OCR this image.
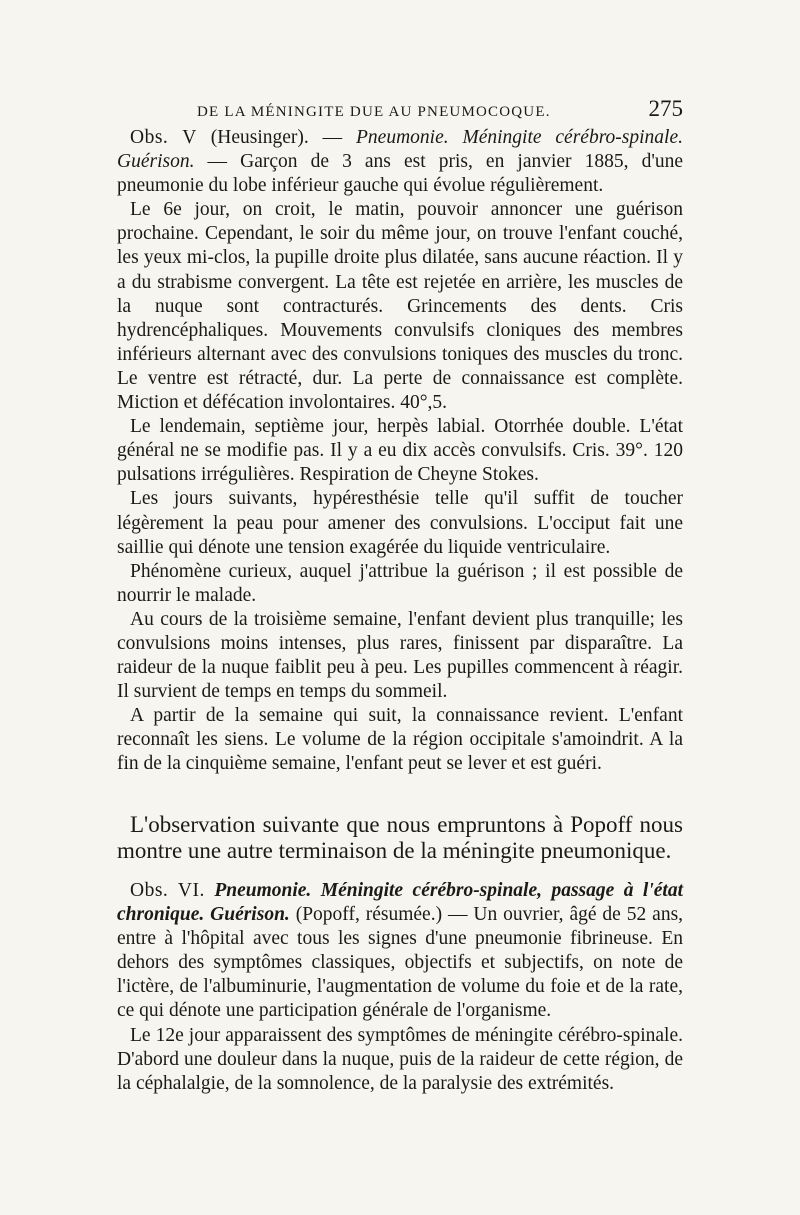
DE LA MÉNINGITE DUE AU PNEUMOCOQUE.	275

Obs. V (Heusinger). — Pneumonie. Méningite cérébro-spinale. Guérison. — Garçon de 3 ans est pris, en janvier 1885, d'une pneumonie du lobe inférieur gauche qui évolue régulièrement.

Le 6e jour, on croit, le matin, pouvoir annoncer une guérison prochaine. Cependant, le soir du même jour, on trouve l'enfant couché, les yeux mi-clos, la pupille droite plus dilatée, sans aucune réaction. Il y a du strabisme convergent. La tête est rejetée en arrière, les muscles de la nuque sont contracturés. Grincements des dents. Cris hydrencéphaliques. Mouvements convulsifs cloniques des membres inférieurs alternant avec des convulsions toniques des muscles du tronc. Le ventre est rétracté, dur. La perte de connaissance est complète. Miction et défécation involontaires. 40°,5.

Le lendemain, septième jour, herpès labial. Otorrhée double. L'état général ne se modifie pas. Il y a eu dix accès convulsifs. Cris. 39°. 120 pulsations irrégulières. Respiration de Cheyne Stokes.

Les jours suivants, hypéresthésie telle qu'il suffit de toucher légèrement la peau pour amener des convulsions. L'occiput fait une saillie qui dénote une tension exagérée du liquide ventriculaire.

Phénomène curieux, auquel j'attribue la guérison ; il est possible de nourrir le malade.

Au cours de la troisième semaine, l'enfant devient plus tranquille; les convulsions moins intenses, plus rares, finissent par disparaître. La raideur de la nuque faiblit peu à peu. Les pupilles commencent à réagir. Il survient de temps en temps du sommeil.

A partir de la semaine qui suit, la connaissance revient. L'enfant reconnaît les siens. Le volume de la région occipitale s'amoindrit. A la fin de la cinquième semaine, l'enfant peut se lever et est guéri.

L'observation suivante que nous empruntons à Popoff nous montre une autre terminaison de la méningite pneumonique.

Obs. VI. Pneumonie. Méningite cérébro-spinale, passage à l'état chronique. Guérison. (Popoff, résumée.) — Un ouvrier, âgé de 52 ans, entre à l'hôpital avec tous les signes d'une pneumonie fibrineuse. En dehors des symptômes classiques, objectifs et subjectifs, on note de l'ictère, de l'albuminurie, l'augmentation de volume du foie et de la rate, ce qui dénote une participation générale de l'organisme.

Le 12e jour apparaissent des symptômes de méningite cérébro-spinale. D'abord une douleur dans la nuque, puis de la raideur de cette région, de la céphalalgie, de la somnolence, de la paralysie des extrémités.
